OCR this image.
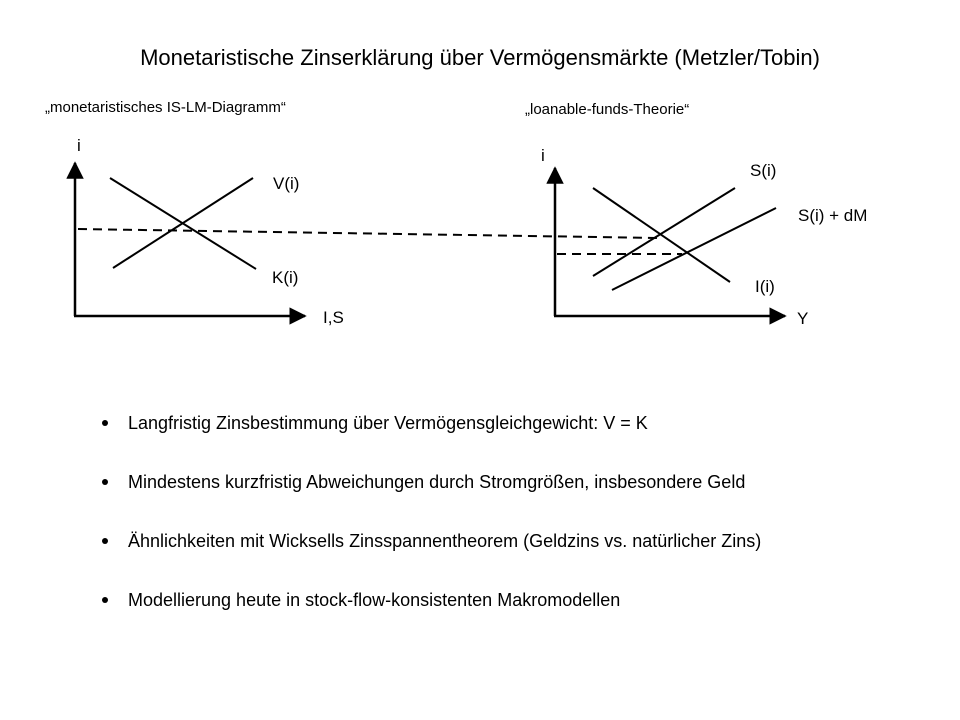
Monetaristische Zinserklärung über Vermögensmärkte (Metzler/Tobin)
„monetaristisches IS-LM-Diagramm“	„loanable-funds-Theorie“
i
I,S
V(i)
K(i)
i
Y
S(i)
S(i) + dM
I(i)
Langfristig Zinsbestimmung über Vermögensgleichgewicht: V = K
Mindestens kurzfristig Abweichungen durch Stromgrößen, insbesondere Geld
Ähnlichkeiten mit Wicksells Zinsspannentheorem (Geldzins vs. natürlicher Zins)
Modellierung heute in stock-flow-konsistenten Makromodellen
